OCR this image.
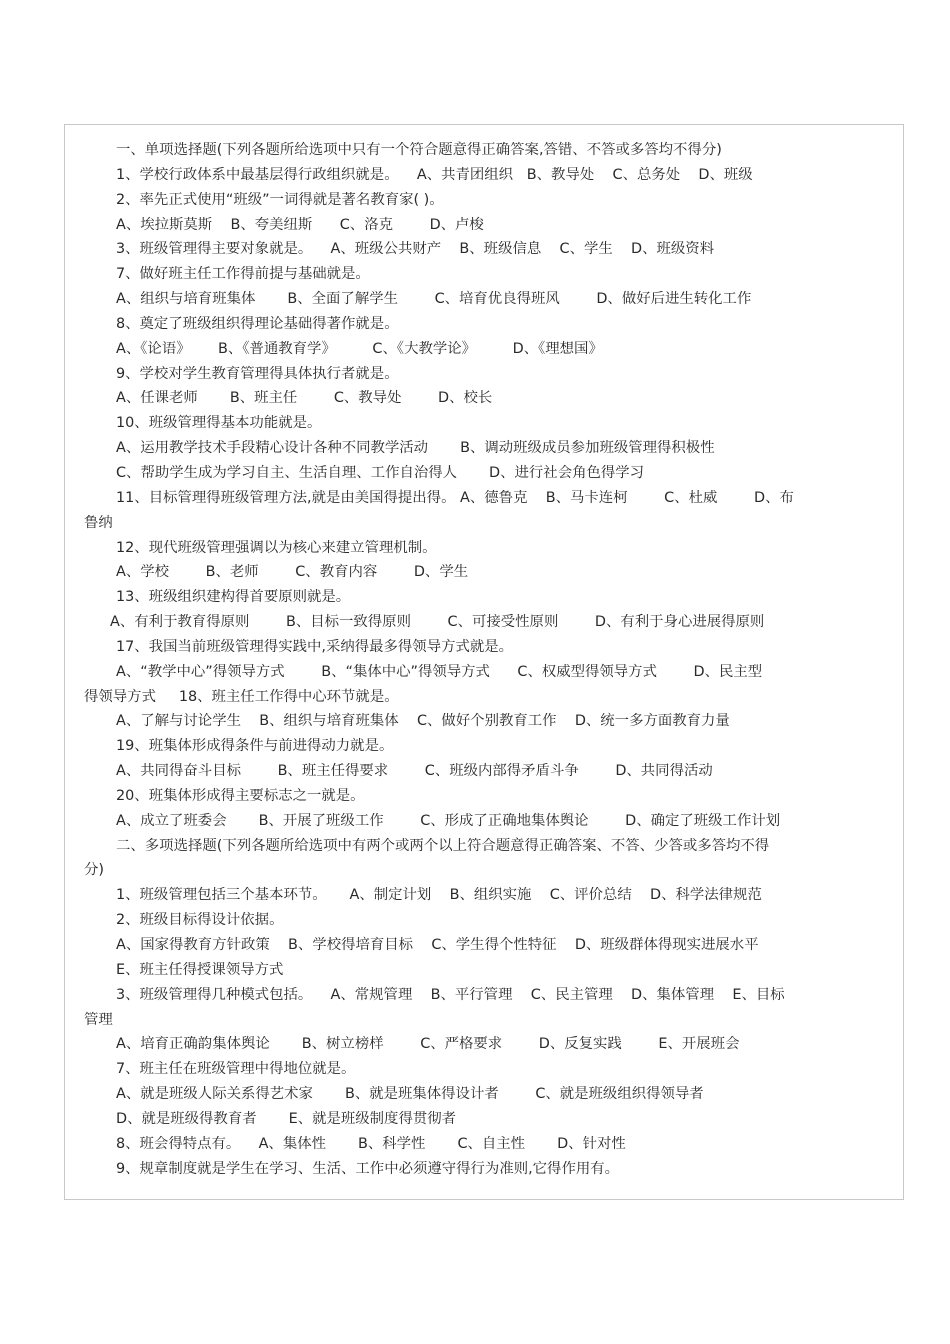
一、单项选择题(下列各题所给选项中只有一个符合题意得正确答案,答错、不答或多答均不得分)
1、学校行政体系中最基层得行政组织就是。    A、共青团组织   B、教导处    C、总务处    D、班级
2、率先正式使用“班级”一词得就是著名教育家( )。
A、埃拉斯莫斯    B、夸美纽斯      C、洛克        D、卢梭
3、班级管理得主要对象就是。    A、班级公共财产    B、班级信息    C、学生    D、班级资料
7、做好班主任工作得前提与基础就是。
A、组织与培育班集体       B、全面了解学生        C、培育优良得班风        D、做好后进生转化工作
8、奠定了班级组织得理论基础得著作就是。
A、《论语》      B、《普通教育学》        C、《大教学论》        D、《理想国》
9、学校对学生教育管理得具体执行者就是。
A、任课老师       B、班主任        C、教导处        D、校长
10、班级管理得基本功能就是。
A、运用教学技术手段精心设计各种不同教学活动       B、调动班级成员参加班级管理得积极性
C、帮助学生成为学习自主、生活自理、工作自治得人       D、进行社会角色得学习
11、目标管理得班级管理方法,就是由美国得提出得。 A、德鲁克    B、马卡连柯        C、杜威        D、布
鲁纳
12、现代班级管理强调以为核心来建立管理机制。
A、学校        B、老师        C、教育内容        D、学生
13、班级组织建构得首要原则就是。
A、有利于教育得原则        B、目标一致得原则        C、可接受性原则        D、有利于身心进展得原则
17、我国当前班级管理得实践中,采纳得最多得领导方式就是。
A、“教学中心”得领导方式        B、“集体中心”得领导方式      C、权威型得领导方式        D、民主型
得领导方式     18、班主任工作得中心环节就是。
A、了解与讨论学生    B、组织与培育班集体    C、做好个别教育工作    D、统一多方面教育力量
19、班集体形成得条件与前进得动力就是。
A、共同得奋斗目标        B、班主任得要求        C、班级内部得矛盾斗争        D、共同得活动
20、班集体形成得主要标志之一就是。
A、成立了班委会       B、开展了班级工作        C、形成了正确地集体舆论        D、确定了班级工作计划
二、多项选择题(下列各题所给选项中有两个或两个以上符合题意得正确答案、不答、少答或多答均不得
分)
1、班级管理包括三个基本环节。     A、制定计划    B、组织实施    C、评价总结    D、科学法律规范
2、班级目标得设计依据。
A、国家得教育方针政策    B、学校得培育目标    C、学生得个性特征    D、班级群体得现实进展水平
E、班主任得授课领导方式
3、班级管理得几种模式包括。    A、常规管理    B、平行管理    C、民主管理    D、集体管理    E、目标
管理
A、培育正确韵集体舆论       B、树立榜样        C、严格要求        D、反复实践        E、开展班会
7、班主任在班级管理中得地位就是。
A、就是班级人际关系得艺术家       B、就是班集体得设计者        C、就是班级组织得领导者
D、就是班级得教育者       E、就是班级制度得贯彻者
8、班会得特点有。    A、集体性       B、科学性       C、自主性       D、针对性
9、规章制度就是学生在学习、生活、工作中必须遵守得行为准则,它得作用有。
